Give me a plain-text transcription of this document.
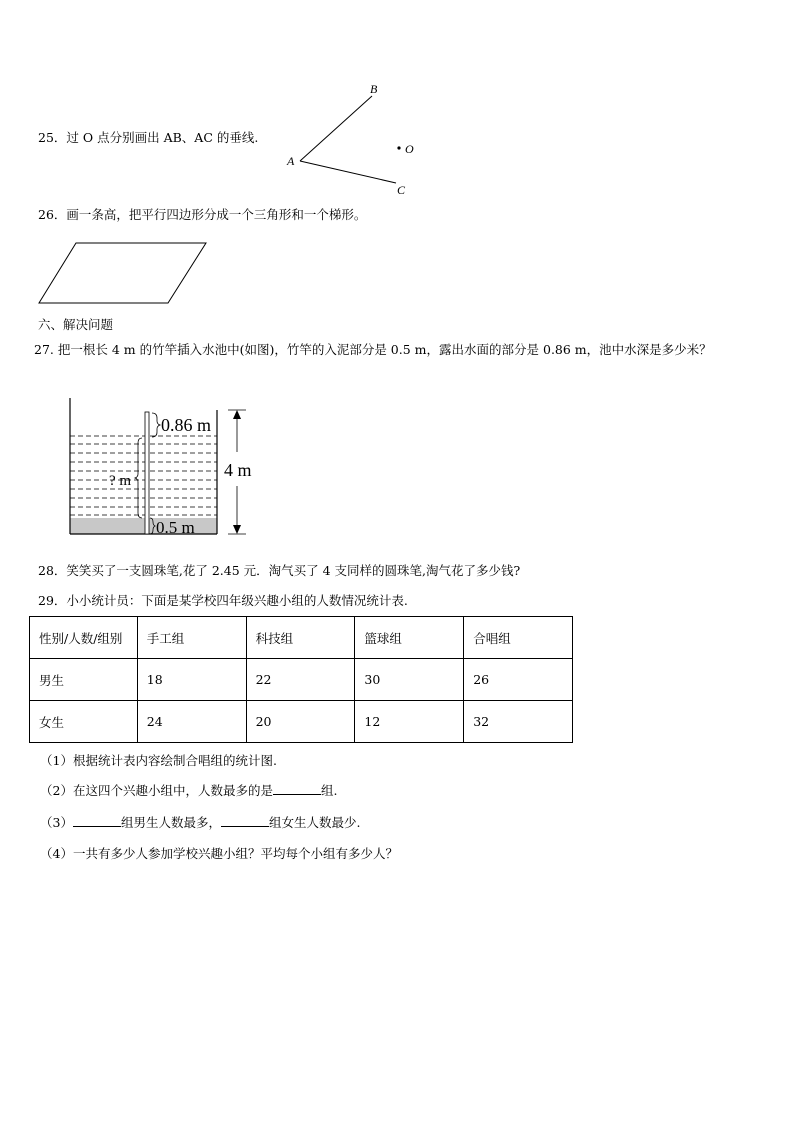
25．过 O 点分别画出 AB、AC 的垂线.
A
B
C
O
26．画一条高，把平行四边形分成一个三角形和一个梯形。
六、解决问题
27. 把一根长 4 m 的竹竿插入水池中(如图)，竹竿的入泥部分是 0.5 m，露出水面的部分是 0.86 m，池中水深是多少米？
0.86 m
? m
0.5 m
4 m
28．笑笑买了一支圆珠笔,花了 2.45 元．淘气买了 4 支同样的圆珠笔,淘气花了多少钱?
29．小小统计员：下面是某学校四年级兴趣小组的人数情况统计表.
性别/人数/组别	手工组	科技组	篮球组	合唱组
男生	18	22	30	26
女生	24	20	12	32
（1）根据统计表内容绘制合唱组的统计图.
（2）在这四个兴趣小组中，人数最多的是	组.
（3）	组男生人数最多，	组女生人数最少.
（4）一共有多少人参加学校兴趣小组？平均每个小组有多少人？
